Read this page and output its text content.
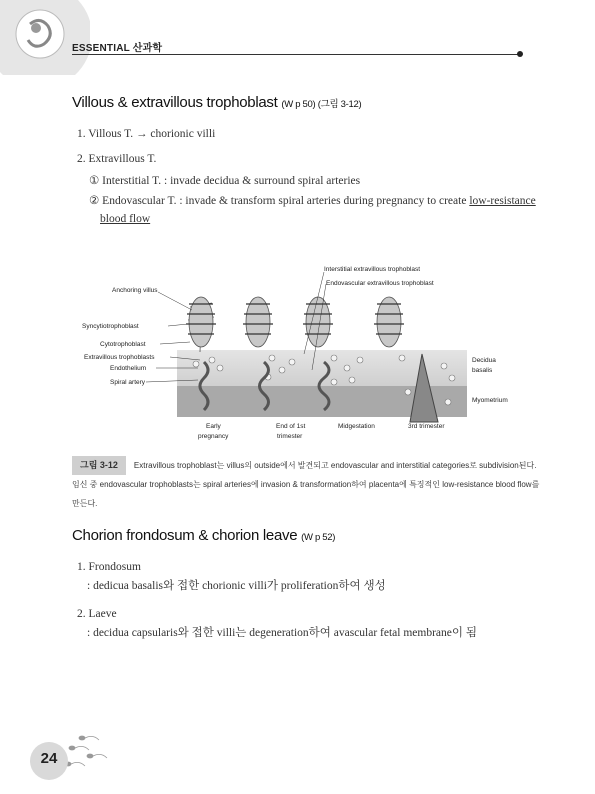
ESSENTIAL 산과학
Villous & extravillous trophoblast (W p 50) (그림 3-12)
1. Villous T. → chorionic villi
2. Extravillous T.
① Interstitial T. : invade decidua & surround spiral arteries
② Endovascular T. : invade & transform spiral arteries during pregnancy to create low-resistance
blood flow
Anchoring villus
Syncytiotrophoblast
Cytotrophoblast
Extravillous trophoblasts
Endothelium
Spiral artery
Interstitial extravillous trophoblast
Endovascular extravillous trophoblast
Decidua
basalis
Myometrium
Early
pregnancy
End of 1st
trimester
Midgestation	3rd trimester
그림 3-12 Extravillous trophoblast는 villus의 outside에서 발견되고 endovascular and interstitial categories로 subdivision된다.
임신 중 endovascular trophoblasts는 spiral arteries에 invasion & transformation하여 placenta에 특징적인 low-resistance blood flow를 만든다.
Chorion frondosum & chorion leave (W p 52)
1. Frondosum
: dedicua basalis와 접한 chorionic villi가 proliferation하여 생성
2. Laeve
: decidua capsularis와 접한 villi는 degeneration하여 avascular fetal membrane이 됨
24
